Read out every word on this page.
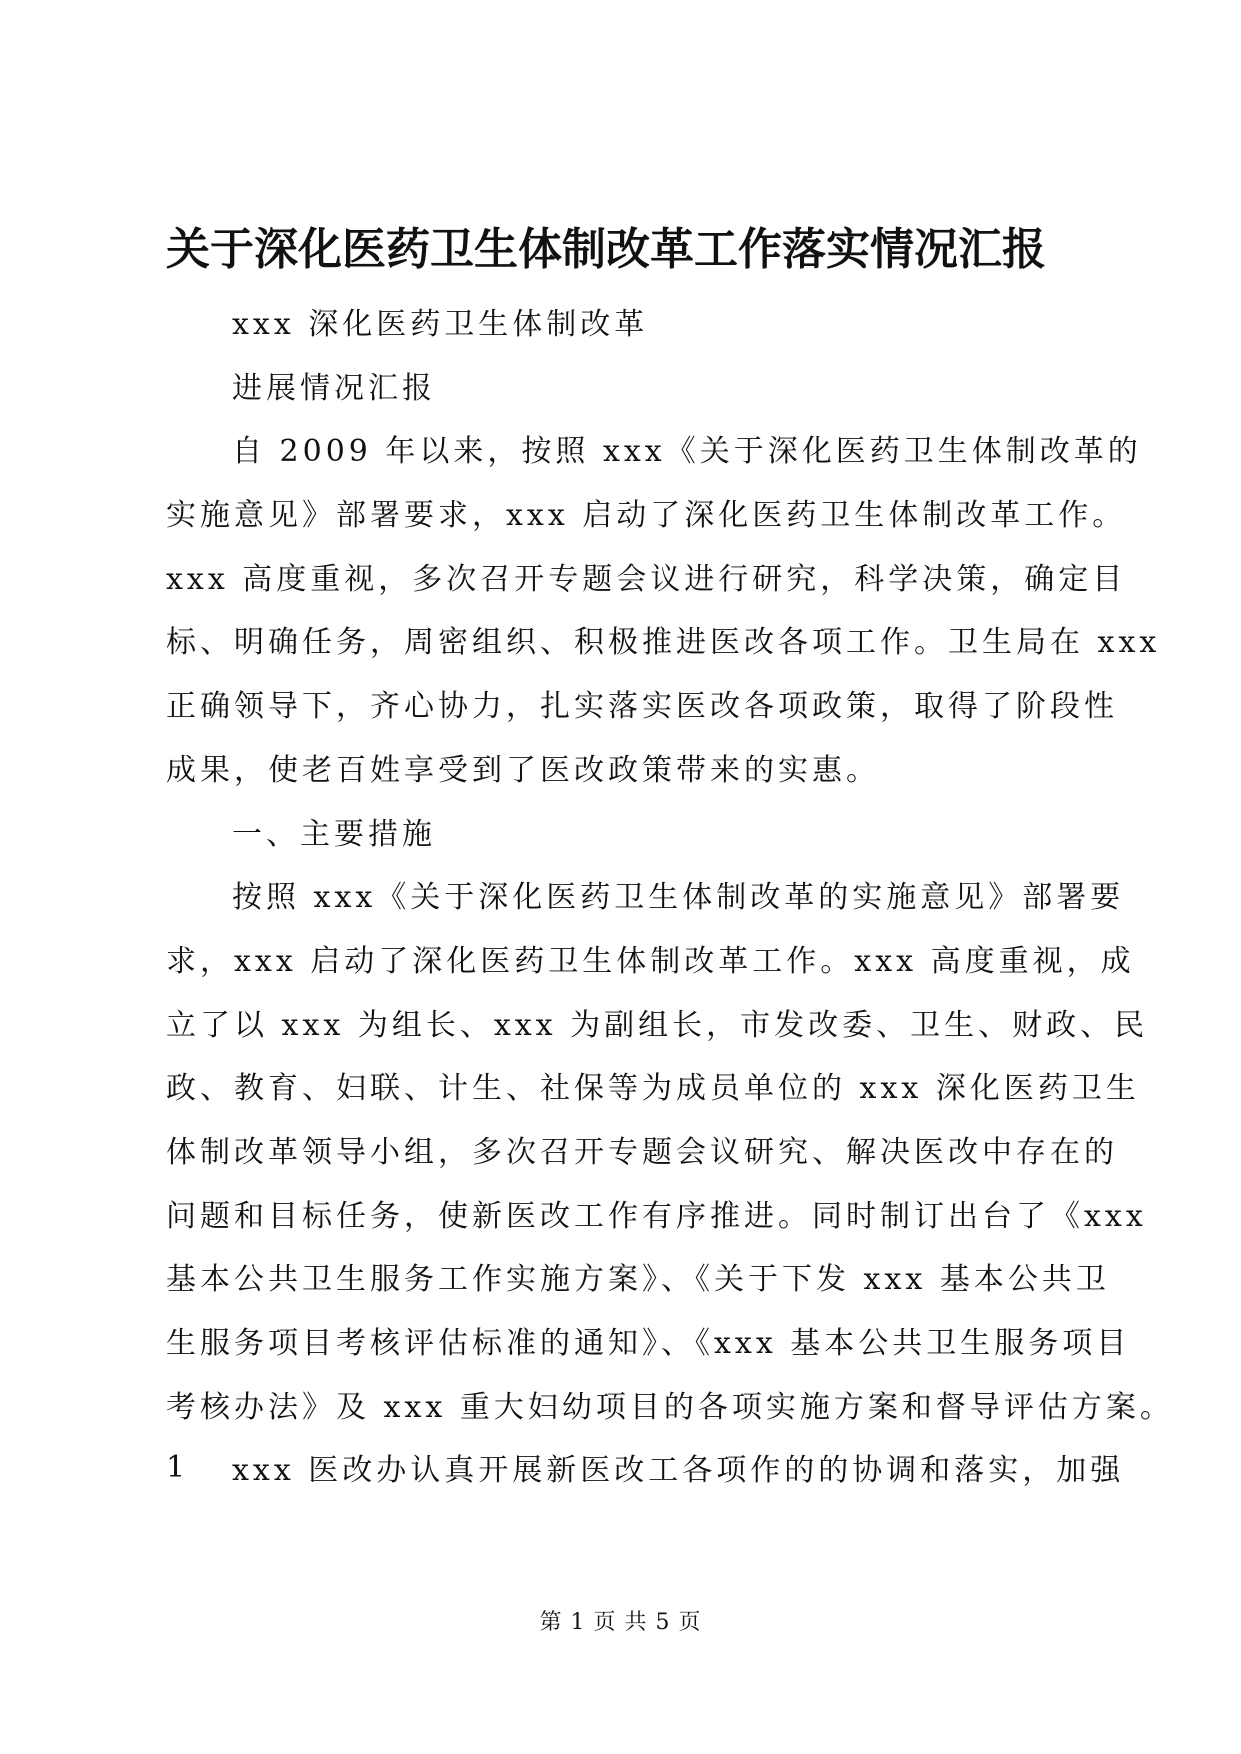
关于深化医药卫生体制改革工作落实情况汇报
xxx 深化医药卫生体制改革
进展情况汇报
自 2009 年以来，按照 xxx《关于深化医药卫生体制改革的
实施意见》部署要求，xxx 启动了深化医药卫生体制改革工作。
xxx 高度重视，多次召开专题会议进行研究，科学决策，确定目
标、明确任务，周密组织、积极推进医改各项工作。卫生局在 xxx
正确领导下，齐心协力，扎实落实医改各项政策，取得了阶段性
成果，使老百姓享受到了医改政策带来的实惠。
一、主要措施
按照 xxx《关于深化医药卫生体制改革的实施意见》部署要
求，xxx 启动了深化医药卫生体制改革工作。xxx 高度重视，成
立了以 xxx 为组长、xxx 为副组长，市发改委、卫生、财政、民
政、教育、妇联、计生、社保等为成员单位的 xxx 深化医药卫生
体制改革领导小组，多次召开专题会议研究、解决医改中存在的
问题和目标任务，使新医改工作有序推进。同时制订出台了《xxx
基本公共卫生服务工作实施方案》、《关于下发 xxx 基本公共卫
生服务项目考核评估标准的通知》、《xxx 基本公共卫生服务项目
考核办法》及 xxx 重大妇幼项目的各项实施方案和督导评估方案。
xxx 医改办认真开展新医改工各项作的的协调和落实，加强
1
第 1 页 共 5 页
